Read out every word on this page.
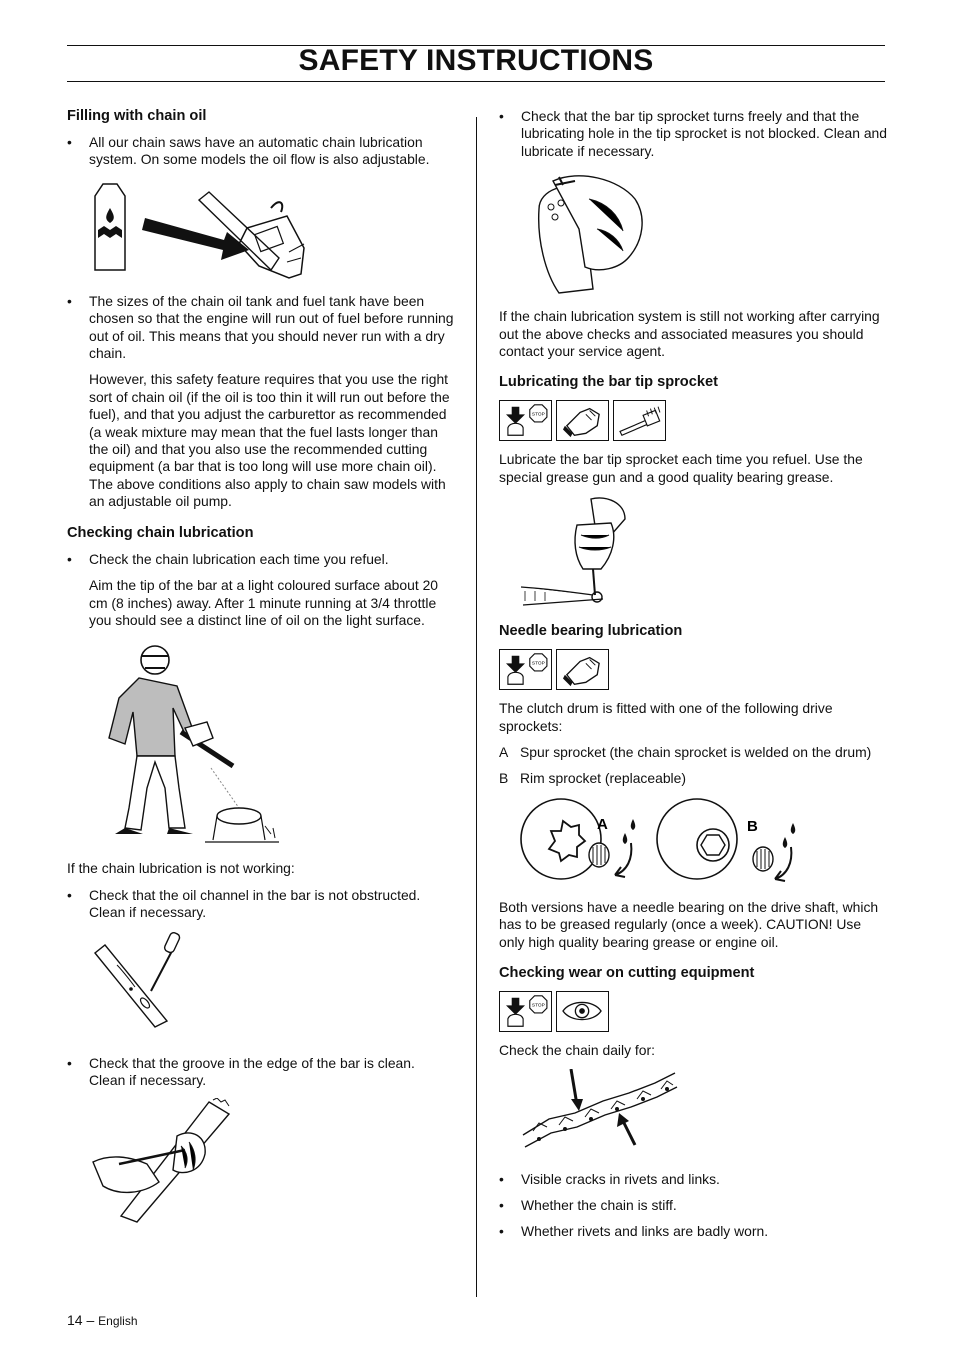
SAFETY INSTRUCTIONS
Filling with chain oil

• All our chain saws have an automatic chain lubrication system. On some models the oil flow is also adjustable.

• The sizes of the chain oil tank and fuel tank have been chosen so that the engine will run out of fuel before running out of oil. This means that you should never run with a dry chain.

However, this safety feature requires that you use the right sort of chain oil (if the oil is too thin it will run out before the fuel), and that you adjust the carburettor as recommended (a weak mixture may mean that the fuel lasts longer than the oil) and that you also use the recommended cutting equipment (a bar that is too long will use more chain oil). The above conditions also apply to chain saw models with an adjustable oil pump.

Checking chain lubrication

• Check the chain lubrication each time you refuel.

Aim the tip of the bar at a light coloured surface about 20 cm (8 inches) away. After 1 minute running at 3/4 throttle you should see a distinct line of oil on the light surface.

If the chain lubrication is not working:

• Check that the oil channel in the bar is not obstructed. Clean if necessary.

• Check that the groove in the edge of the bar is clean. Clean if necessary.

• Check that the bar tip sprocket turns freely and that the lubricating hole in the tip sprocket is not blocked. Clean and lubricate if necessary.

If the chain lubrication system is still not working after carrying out the above checks and associated measures you should contact your service agent.

Lubricating the bar tip sprocket
STOP

Lubricate the bar tip sprocket each time you refuel. Use the special grease gun and a good quality bearing grease.

Needle bearing lubrication
STOP

The clutch drum is fitted with one of the following drive sprockets:

A Spur sprocket (the chain sprocket is welded on the drum)

B Rim sprocket (replaceable)

A	B

Both versions have a needle bearing on the drive shaft, which has to be greased regularly (once a week). CAUTION! Use only high quality bearing grease or engine oil.

Checking wear on cutting equipment
STOP

Check the chain daily for:

• Visible cracks in rivets and links.

• Whether the chain is stiff.

• Whether rivets and links are badly worn.

14 – English
